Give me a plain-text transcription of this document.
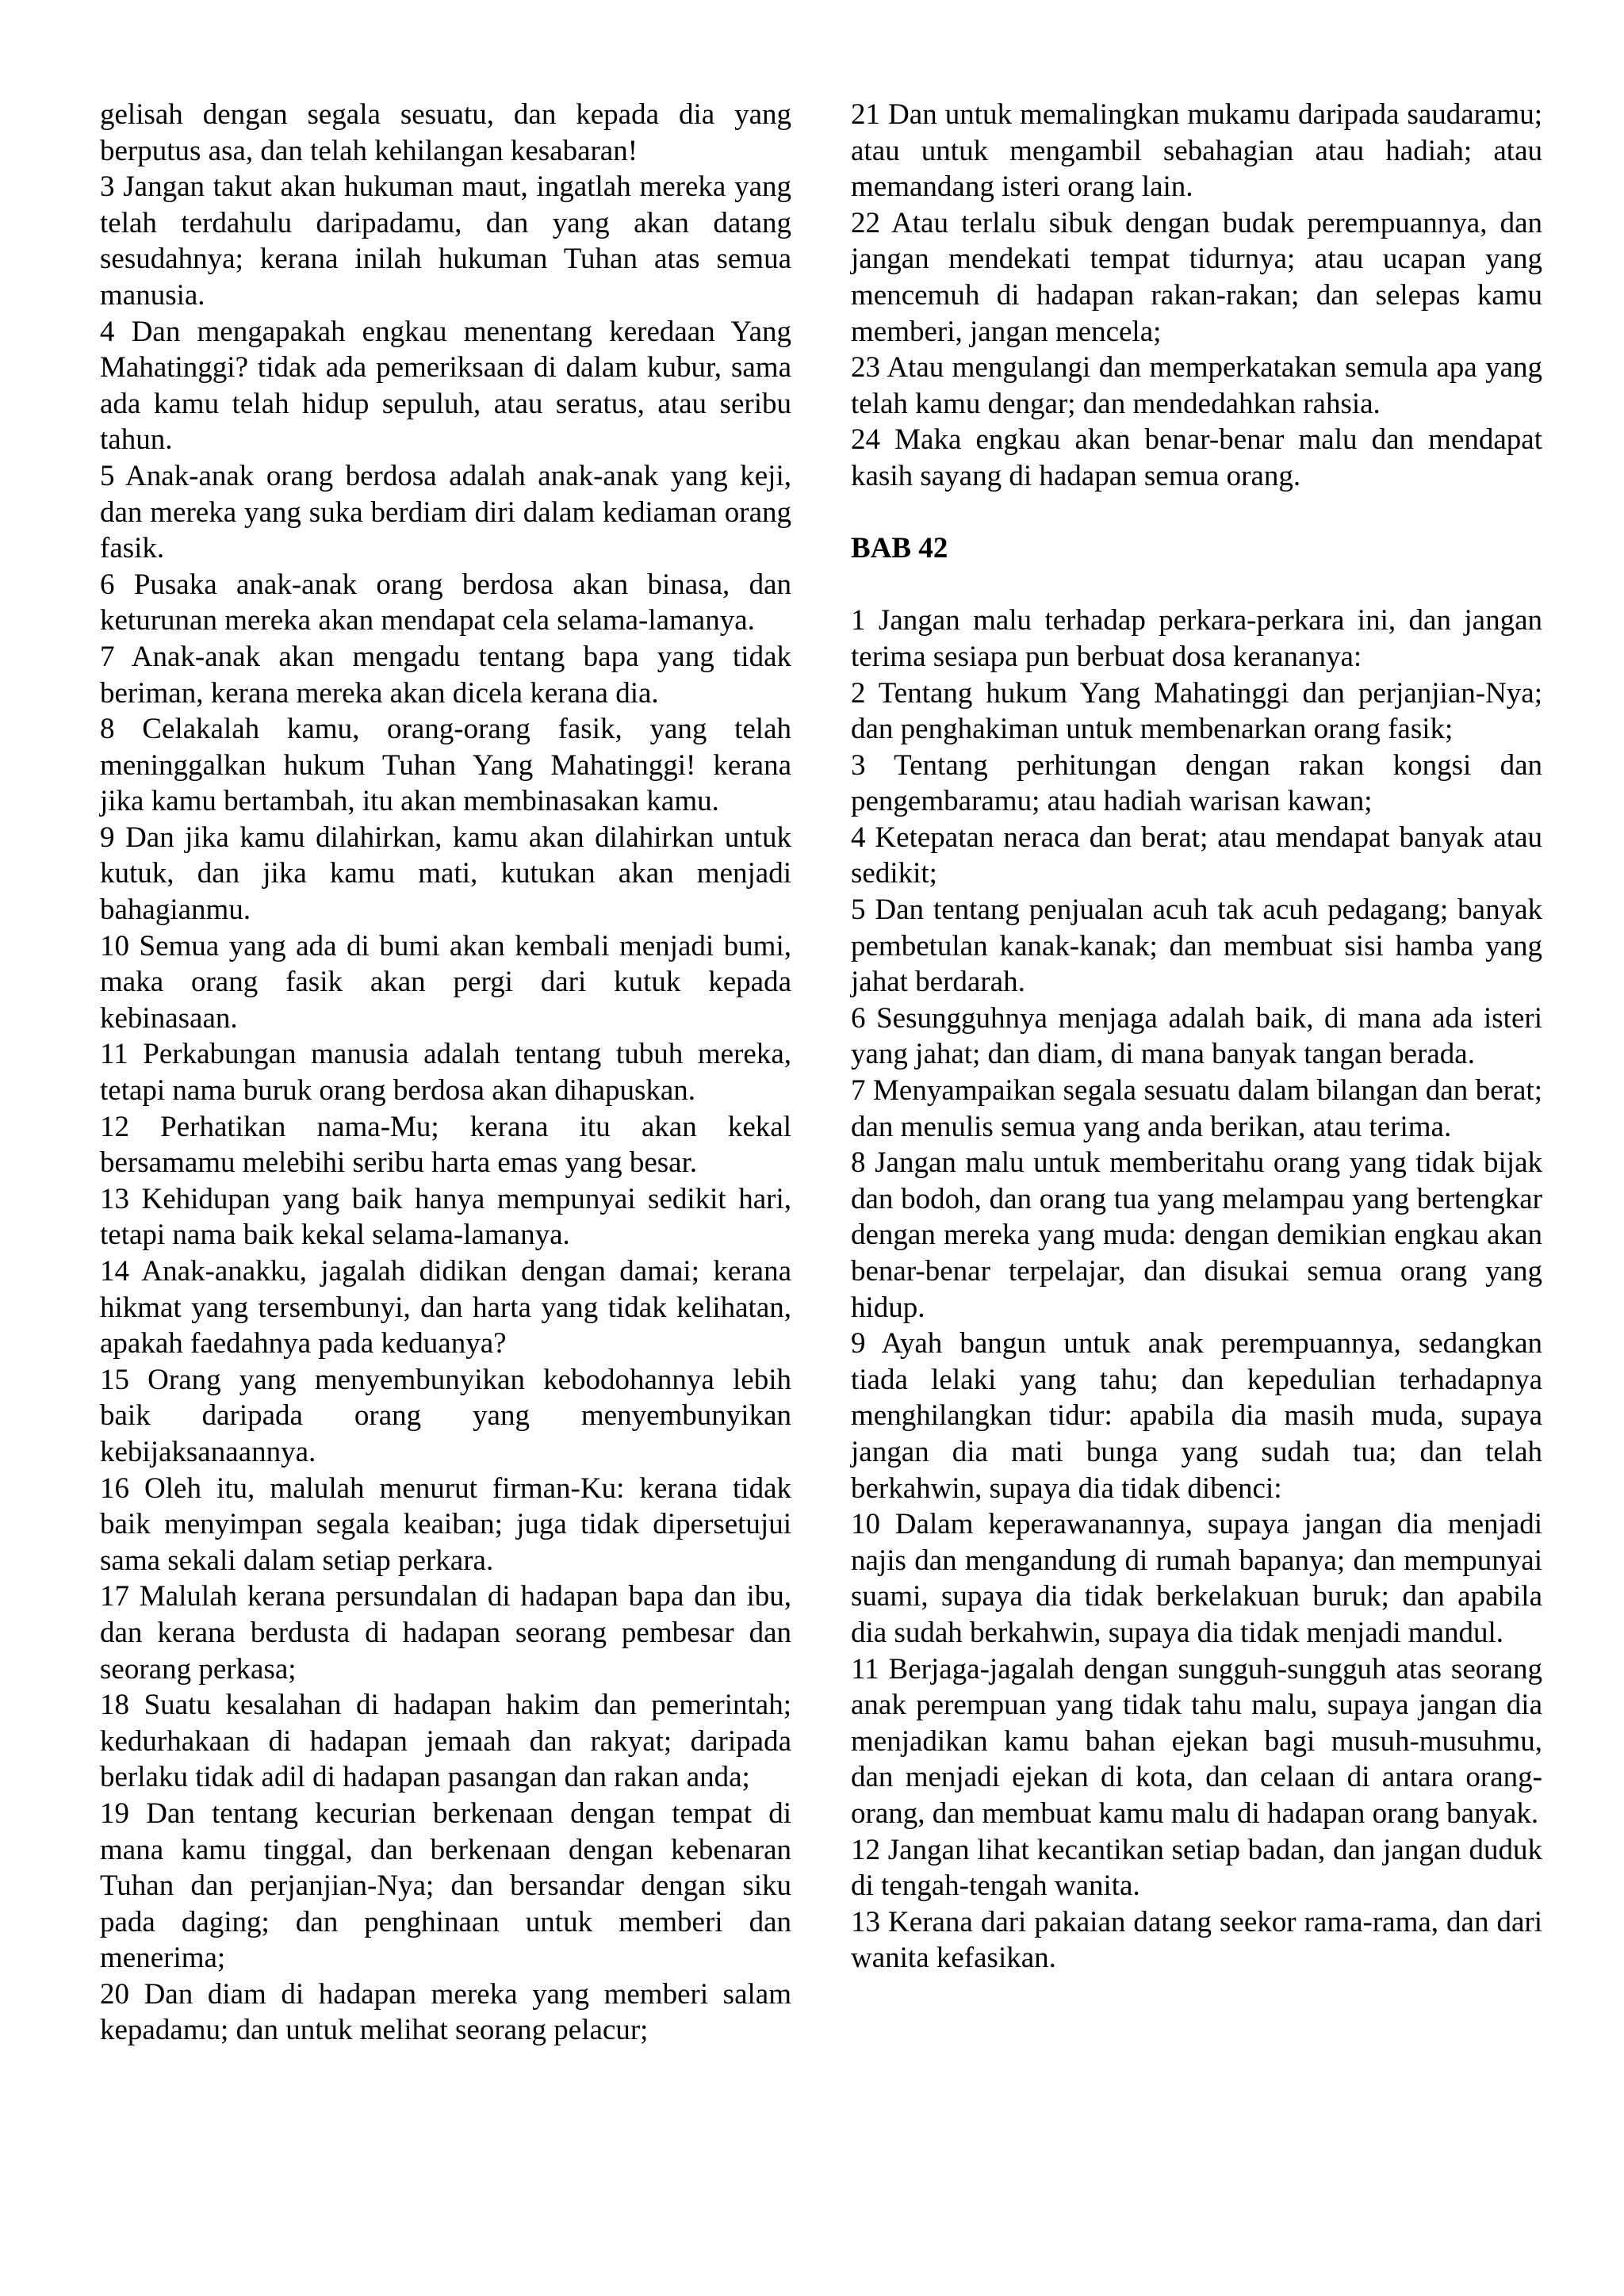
gelisah dengan segala sesuatu, dan kepada dia yang berputus asa, dan telah kehilangan kesabaran!

3 Jangan takut akan hukuman maut, ingatlah mereka yang telah terdahulu daripadamu, dan yang akan datang sesudahnya; kerana inilah hukuman Tuhan atas semua manusia.

4 Dan mengapakah engkau menentang keredaan Yang Mahatinggi? tidak ada pemeriksaan di dalam kubur, sama ada kamu telah hidup sepuluh, atau seratus, atau seribu tahun.

5 Anak-anak orang berdosa adalah anak-anak yang keji, dan mereka yang suka berdiam diri dalam kediaman orang fasik.

6 Pusaka anak-anak orang berdosa akan binasa, dan keturunan mereka akan mendapat cela selama-lamanya.

7 Anak-anak akan mengadu tentang bapa yang tidak beriman, kerana mereka akan dicela kerana dia.

8 Celakalah kamu, orang-orang fasik, yang telah meninggalkan hukum Tuhan Yang Mahatinggi! kerana jika kamu bertambah, itu akan membinasakan kamu.

9 Dan jika kamu dilahirkan, kamu akan dilahirkan untuk kutuk, dan jika kamu mati, kutukan akan menjadi bahagianmu.

10 Semua yang ada di bumi akan kembali menjadi bumi, maka orang fasik akan pergi dari kutuk kepada kebinasaan.

11 Perkabungan manusia adalah tentang tubuh mereka, tetapi nama buruk orang berdosa akan dihapuskan.

12 Perhatikan nama-Mu; kerana itu akan kekal bersamamu melebihi seribu harta emas yang besar.

13 Kehidupan yang baik hanya mempunyai sedikit hari, tetapi nama baik kekal selama-lamanya.

14 Anak-anakku, jagalah didikan dengan damai; kerana hikmat yang tersembunyi, dan harta yang tidak kelihatan, apakah faedahnya pada keduanya?

15 Orang yang menyembunyikan kebodohannya lebih baik daripada orang yang menyembunyikan kebijaksanaannya.

16 Oleh itu, malulah menurut firman-Ku: kerana tidak baik menyimpan segala keaiban; juga tidak dipersetujui sama sekali dalam setiap perkara.

17 Malulah kerana persundalan di hadapan bapa dan ibu, dan kerana berdusta di hadapan seorang pembesar dan seorang perkasa;

18 Suatu kesalahan di hadapan hakim dan pemerintah; kedurhakaan di hadapan jemaah dan rakyat; daripada berlaku tidak adil di hadapan pasangan dan rakan anda;

19 Dan tentang kecurian berkenaan dengan tempat di mana kamu tinggal, dan berkenaan dengan kebenaran Tuhan dan perjanjian-Nya; dan bersandar dengan siku pada daging; dan penghinaan untuk memberi dan menerima;

20 Dan diam di hadapan mereka yang memberi salam kepadamu; dan untuk melihat seorang pelacur;

21 Dan untuk memalingkan mukamu daripada saudaramu; atau untuk mengambil sebahagian atau hadiah; atau memandang isteri orang lain.

22 Atau terlalu sibuk dengan budak perempuannya, dan jangan mendekati tempat tidurnya; atau ucapan yang mencemuh di hadapan rakan-rakan; dan selepas kamu memberi, jangan mencela;

23 Atau mengulangi dan memperkatakan semula apa yang telah kamu dengar; dan mendedahkan rahsia.

24 Maka engkau akan benar-benar malu dan mendapat kasih sayang di hadapan semua orang.

BAB 42

1 Jangan malu terhadap perkara-perkara ini, dan jangan terima sesiapa pun berbuat dosa kerananya:

2 Tentang hukum Yang Mahatinggi dan perjanjian-Nya; dan penghakiman untuk membenarkan orang fasik;

3 Tentang perhitungan dengan rakan kongsi dan pengembaramu; atau hadiah warisan kawan;

4 Ketepatan neraca dan berat; atau mendapat banyak atau sedikit;

5 Dan tentang penjualan acuh tak acuh pedagang; banyak pembetulan kanak-kanak; dan membuat sisi hamba yang jahat berdarah.

6 Sesungguhnya menjaga adalah baik, di mana ada isteri yang jahat; dan diam, di mana banyak tangan berada.

7 Menyampaikan segala sesuatu dalam bilangan dan berat; dan menulis semua yang anda berikan, atau terima.

8 Jangan malu untuk memberitahu orang yang tidak bijak dan bodoh, dan orang tua yang melampau yang bertengkar dengan mereka yang muda: dengan demikian engkau akan benar-benar terpelajar, dan disukai semua orang yang hidup.

9 Ayah bangun untuk anak perempuannya, sedangkan tiada lelaki yang tahu; dan kepedulian terhadapnya menghilangkan tidur: apabila dia masih muda, supaya jangan dia mati bunga yang sudah tua; dan telah berkahwin, supaya dia tidak dibenci:

10 Dalam keperawanannya, supaya jangan dia menjadi najis dan mengandung di rumah bapanya; dan mempunyai suami, supaya dia tidak berkelakuan buruk; dan apabila dia sudah berkahwin, supaya dia tidak menjadi mandul.

11 Berjaga-jagalah dengan sungguh-sungguh atas seorang anak perempuan yang tidak tahu malu, supaya jangan dia menjadikan kamu bahan ejekan bagi musuh-musuhmu, dan menjadi ejekan di kota, dan celaan di antara orang-orang, dan membuat kamu malu di hadapan orang banyak.

12 Jangan lihat kecantikan setiap badan, dan jangan duduk di tengah-tengah wanita.

13 Kerana dari pakaian datang seekor rama-rama, dan dari wanita kefasikan.
